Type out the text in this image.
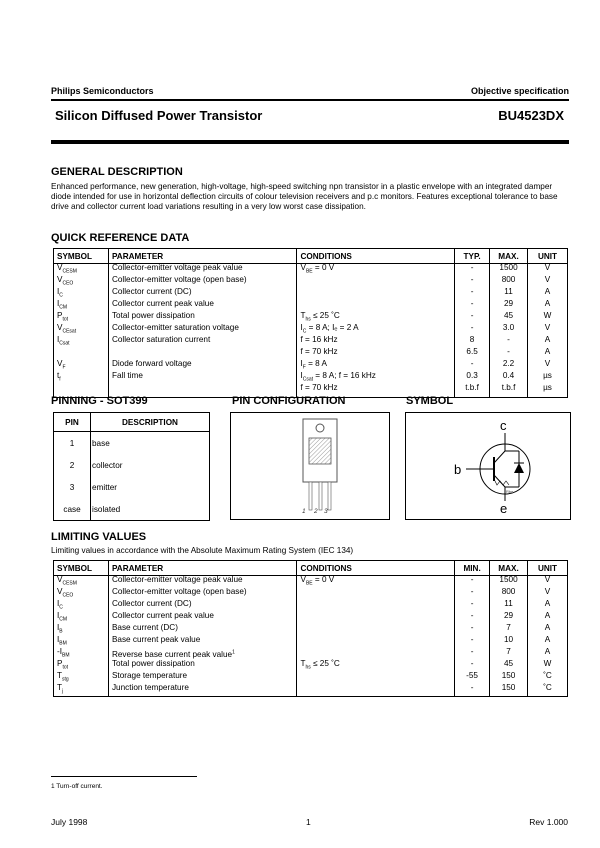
Philips Semiconductors	Objective specification
Silicon Diffused Power Transistor	BU4523DX
GENERAL DESCRIPTION
Enhanced performance, new generation, high-voltage, high-speed switching npn transistor in a plastic envelope with an integrated damper diode intended for use in horizontal deflection circuits of colour television receivers and p.c monitors. Features exceptional tolerance to base drive and collector current load variations resulting in a very low worst case dissipation.
QUICK REFERENCE DATA
SYMBOL	PARAMETER	CONDITIONS	TYP.	MAX.	UNIT
$V_{CESM}$	Collector-emitter voltage peak value	$V_{BE} = 0$ V	-	1500	V
$V_{CEO}$	Collector-emitter voltage (open base)		-	800	V
$I_C$	Collector current (DC)		-	11	A
$I_{CM}$	Collector current peak value		-	29	A
$P_{tot}$	Total power dissipation	$T_{hs} \le 25$ ˚C	-	45	W
$V_{CEsat}$	Collector-emitter saturation voltage	$I_C = 8$ A; Iₑ = 2 A	-	3.0	V
$I_{Csat}$	Collector saturation current	f = 16 kHz	8	-	A
		f = 70 kHz	6.5	-	A

$V_F$	Diode forward voltage	$I_F = 8$ A	-	2.2	V
$t_f$	Fall time	$I_{Csat} = 8$ A; f = 16 kHz	0.3	0.4	µs
		f = 70 kHz	t.b.f	t.b.f	µs
PINNING - SOT399	PIN CONFIGURATION	SYMBOL
PIN	DESCRIPTION
1	base
2	collector
3	emitter
case	isolated	1 2 3
c
b
e
Rbe
LIMITING VALUES
Limiting values in accordance with the Absolute Maximum Rating System (IEC 134)
SYMBOL	PARAMETER	CONDITIONS	MIN.	MAX.	UNIT
$V_{CESM}$	Collector-emitter voltage peak value	$V_{BE} = 0$ V	-	1500	V
$V_{CEO}$	Collector-emitter voltage (open base)		-	800	V
$I_C$	Collector current (DC)		-	11	A
$I_{CM}$	Collector current peak value		-	29	A
$I_B$	Base current (DC)		-	7	A
$I_{BM}$	Base current peak value		-	10	A
$-I_{BM}$	Reverse base current peak value$^1$		-	7	A
$P_{tot}$	Total power dissipation	$T_{hs} \le 25$ ˚C	-	45	W
$T_{stg}$	Storage temperature		-55	150	˚C
$T_j$	Junction temperature		-	150	˚C
1 Turn-off current.
July 1998	1	Rev 1.000
